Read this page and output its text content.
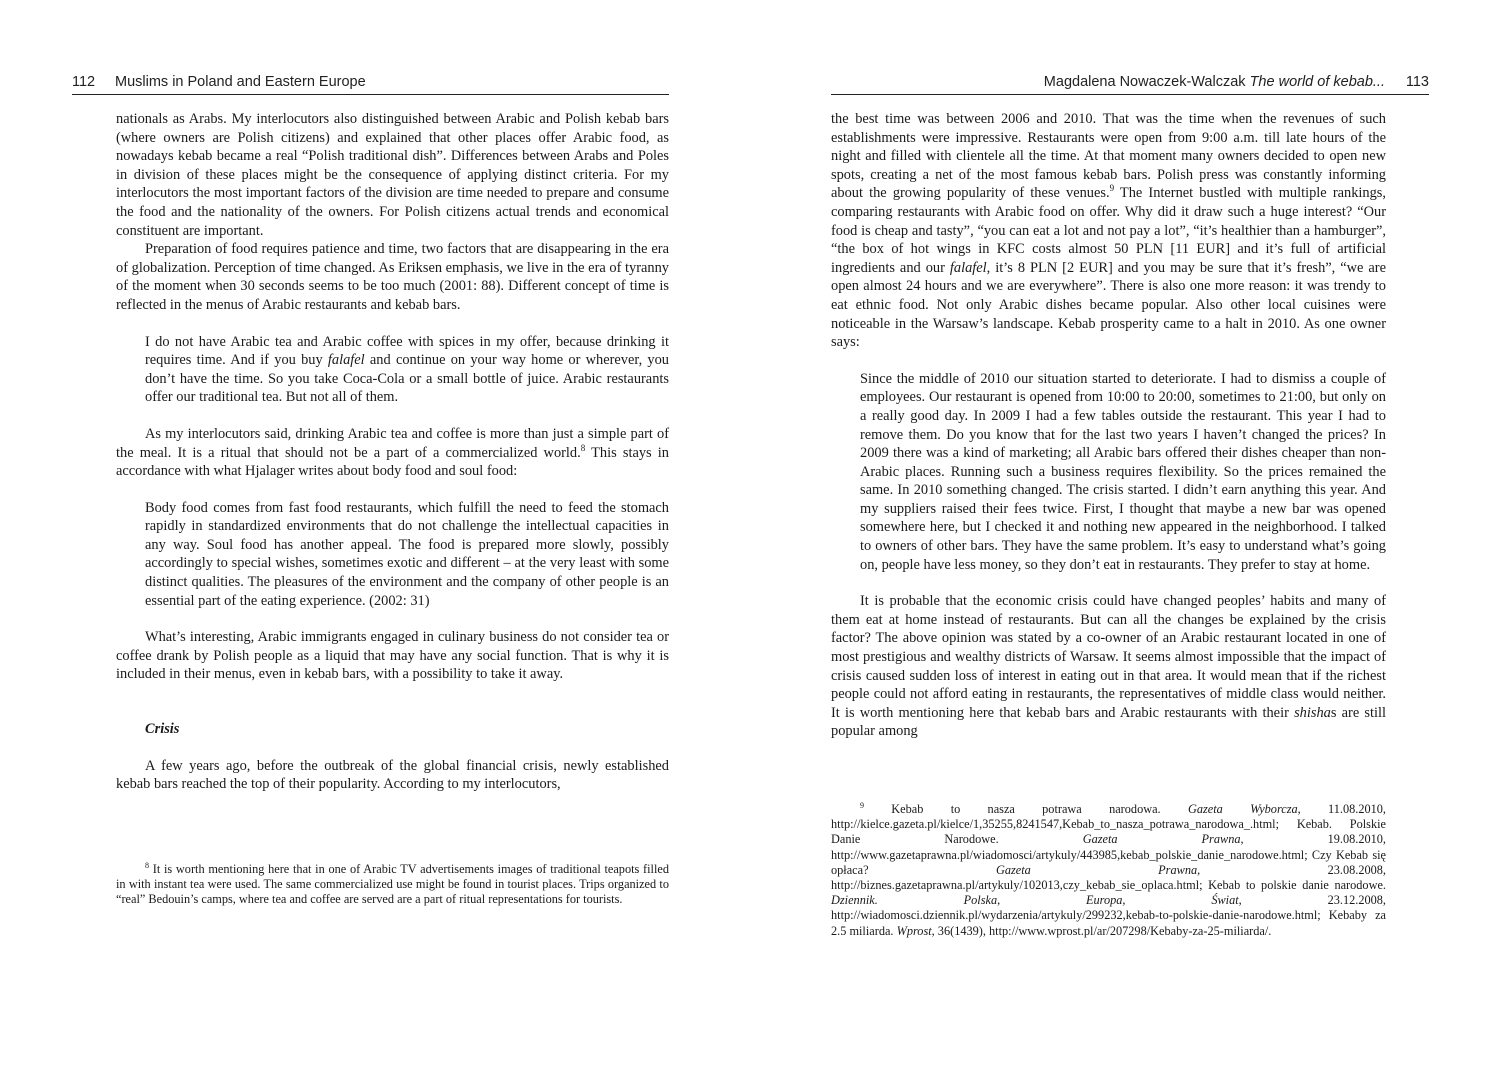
112 Muslims in Poland and Eastern Europe

nationals as Arabs. My interlocutors also distinguished between Arabic and Polish kebab bars (where owners are Polish citizens) and explained that other places offer Arabic food, as nowadays kebab became a real “Polish traditional dish”. Differences between Arabs and Poles in division of these places might be the consequence of applying distinct criteria. For my interlocutors the most important factors of the division are time needed to prepare and consume the food and the nationality of the owners. For Polish citizens actual trends and economical constituent are important.

Preparation of food requires patience and time, two factors that are disappearing in the era of globalization. Perception of time changed. As Eriksen emphasis, we live in the era of tyranny of the moment when 30 seconds seems to be too much (2001: 88). Different concept of time is reflected in the menus of Arabic restaurants and kebab bars.

I do not have Arabic tea and Arabic coffee with spices in my offer, because drinking it requires time. And if you buy falafel and continue on your way home or wherever, you don’t have the time. So you take Coca-Cola or a small bottle of juice. Arabic restaurants offer our traditional tea. But not all of them.

As my interlocutors said, drinking Arabic tea and coffee is more than just a simple part of the meal. It is a ritual that should not be a part of a commercialized world.$^8$ This stays in accordance with what Hjalager writes about body food and soul food:

Body food comes from fast food restaurants, which fulfill the need to feed the stomach rapidly in standardized environments that do not challenge the intellectual capacities in any way. Soul food has another appeal. The food is prepared more slowly, possibly accordingly to special wishes, sometimes exotic and different – at the very least with some distinct qualities. The pleasures of the environment and the company of other people is an essential part of the eating experience. (2002: 31)

What’s interesting, Arabic immigrants engaged in culinary business do not consider tea or coffee drank by Polish people as a liquid that may have any social function. That is why it is included in their menus, even in kebab bars, with a possibility to take it away.

Crisis

A few years ago, before the outbreak of the global financial crisis, newly established kebab bars reached the top of their popularity. According to my interlocutors,

$^8$ It is worth mentioning here that in one of Arabic TV advertisements images of traditional teapots filled in with instant tea were used. The same commercialized use might be found in tourist places. Trips organized to “real” Bedouin’s camps, where tea and coffee are served are a part of ritual representations for tourists.
Magdalena Nowaczek-Walczak The world of kebab... 113

the best time was between 2006 and 2010. That was the time when the revenues of such establishments were impressive. Restaurants were open from 9:00 a.m. till late hours of the night and filled with clientele all the time. At that moment many owners decided to open new spots, creating a net of the most famous kebab bars. Polish press was constantly informing about the growing popularity of these venues.$^9$ The Internet bustled with multiple rankings, comparing restaurants with Arabic food on offer. Why did it draw such a huge interest? “Our food is cheap and tasty”, “you can eat a lot and not pay a lot”, “it’s healthier than a hamburger”, “the box of hot wings in KFC costs almost 50 PLN [11 EUR] and it’s full of artificial ingredients and our falafel, it’s 8 PLN [2 EUR] and you may be sure that it’s fresh”, “we are open almost 24 hours and we are everywhere”. There is also one more reason: it was trendy to eat ethnic food. Not only Arabic dishes became popular. Also other local cuisines were noticeable in the Warsaw’s landscape. Kebab prosperity came to a halt in 2010. As one owner says:

Since the middle of 2010 our situation started to deteriorate. I had to dismiss a couple of employees. Our restaurant is opened from 10:00 to 20:00, sometimes to 21:00, but only on a really good day. In 2009 I had a few tables outside the restaurant. This year I had to remove them. Do you know that for the last two years I haven’t changed the prices? In 2009 there was a kind of marketing; all Arabic bars offered their dishes cheaper than non-Arabic places. Running such a business requires flexibility. So the prices remained the same. In 2010 something changed. The crisis started. I didn’t earn anything this year. And my suppliers raised their fees twice. First, I thought that maybe a new bar was opened somewhere here, but I checked it and nothing new appeared in the neighborhood. I talked to owners of other bars. They have the same problem. It’s easy to understand what’s going on, people have less money, so they don’t eat in restaurants. They prefer to stay at home.

It is probable that the economic crisis could have changed peoples’ habits and many of them eat at home instead of restaurants. But can all the changes be explained by the crisis factor? The above opinion was stated by a co-owner of an Arabic restaurant located in one of most prestigious and wealthy districts of Warsaw. It seems almost impossible that the impact of crisis caused sudden loss of interest in eating out in that area. It would mean that if the richest people could not afford eating in restaurants, the representatives of middle class would neither. It is worth mentioning here that kebab bars and Arabic restaurants with their shishas are still popular among

$^9$ Kebab to nasza potrawa narodowa. Gazeta Wyborcza, 11.08.2010, http://kielce.gazeta.pl/kielce/1,35255,8241547,Kebab_to_nasza_potrawa_narodowa_.html; Kebab. Polskie Danie Narodowe. Gazeta Prawna, 19.08.2010, http://www.gazetaprawna.pl/wiadomosci/artykuly/443985,kebab_polskie_danie_narodowe.html; Czy Kebab się opłaca? Gazeta Prawna, 23.08.2008, http://biznes.gazetaprawna.pl/artykuly/102013,czy_kebab_sie_oplaca.html; Kebab to polskie danie narodowe. Dziennik. Polska, Europa, Świat, 23.12.2008, http://wiadomosci.dziennik.pl/wydarzenia/artykuly/299232,kebab-to-polskie-danie-narodowe.html; Kebaby za 2.5 miliarda. Wprost, 36(1439), http://www.wprost.pl/ar/207298/Kebaby-za-25-miliarda/.
